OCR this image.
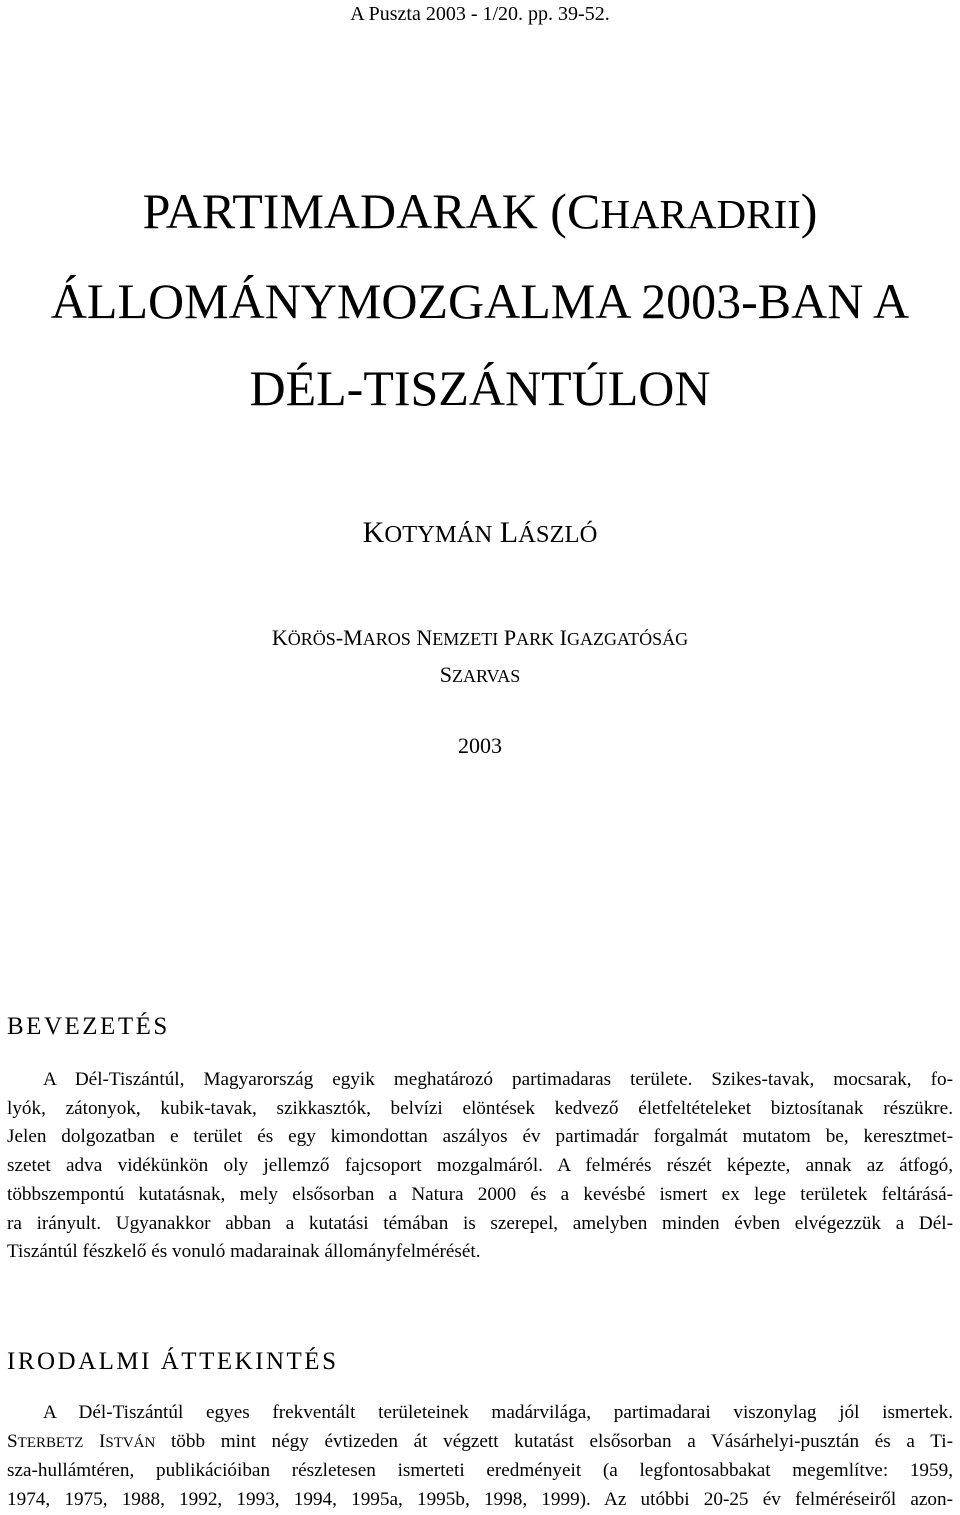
A Puszta 2003 - 1/20. pp. 39-52.
PARTIMADARAK (CHARADRII)
ÁLLOMÁNYMOZGALMA 2003-BAN A
DÉL-TISZÁNTÚLON
KOTYMÁN LÁSZLÓ
KÖRÖS-MAROS NEMZETI PARK IGAZGATÓSÁG
SZARVAS
2003
BEVEZETÉS
A Dél-Tiszántúl, Magyarország egyik meghatározó partimadaras területe. Szikes-tavak, mocsarak, fo-
lyók, zátonyok, kubik-tavak, szikkasztók, belvízi elöntések kedvező életfeltételeket biztosítanak részükre.
Jelen dolgozatban e terület és egy kimondottan aszályos év partimadár forgalmát mutatom be, keresztmet-
szetet adva vidékünkön oly jellemző fajcsoport mozgalmáról. A felmérés részét képezte, annak az átfogó,
többszempontú kutatásnak, mely elsősorban a Natura 2000 és a kevésbé ismert ex lege területek feltárásá-
ra irányult. Ugyanakkor abban a kutatási témában is szerepel, amelyben minden évben elvégezzük a Dél-
Tiszántúl fészkelő és vonuló madarainak állományfelmérését.
IRODALMI ÁTTEKINTÉS
A Dél-Tiszántúl egyes frekventált területeinek madárvilága, partimadarai viszonylag jól ismertek.
STERBETZ ISTVÁN több mint négy évtizeden át végzett kutatást elsősorban a Vásárhelyi-pusztán és a Ti-
sza-hullámtéren, publikációiban részletesen ismerteti eredményeit (a legfontosabbakat megemlítve: 1959,
1974, 1975, 1988, 1992, 1993, 1994, 1995a, 1995b, 1998, 1999). Az utóbbi 20-25 év felméréseiről azon-
